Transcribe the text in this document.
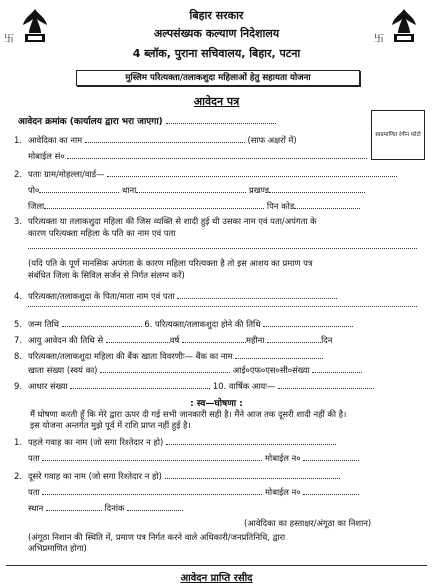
卐	卐
बिहार सरकार
अल्पसंख्यक कल्याण निदेशालय
4 ब्लॉक, पुराना सचिवालय, बिहार, पटना
मुस्लिम परित्यक्ता/तलाकशुदा महिलाओं हेतु सहायता योजना
आवेदन पत्र
स्वप्रमाणित रंगीन फोटो
आवेदन क्रमांक (कार्यालय द्वारा भरा जाएगा)
1. आवेदिका का नाम	(साफ अक्षरों में)
मोबाईल सं०
2. पताः ग्राम/मोहल्ला/वार्ड—
पो०	थाना	प्रखण्ड
जिला	पिन कोड
3. परित्यक्ता या तलाकशुदा महिला की जिस व्यक्ति से शादी हुई थी उसका नाम एवं पता/अपंगता के
कारण परित्यक्ता महिला के पति का नाम एवं पता
(यदि पति के पूर्ण मानसिक अपंगता के कारण महिला परित्यक्ता है तो इस आशय का प्रमाण पत्र
संबंधित जिला के सिविल सर्जन से निर्गत संलग्न करें)
4. परित्यक्ता/तलाकशुदा के पिता/माता नाम एवं पता
5. जन्म तिथि	6. परित्यक्ता/तलाकशुदा होने की तिथि
7. आयु आवेदन की तिथि से	वर्ष	महीना	दिन
8. परित्यक्ता/तलाकशुदा महिला की बैंक खाता विवरणीः— बैंक का नाम
खाता संख्या (स्वयं का)	आई०एफ०एस०सी०संख्या
9. आधार संख्या	10. वार्षिक आयः—
: स्व—घोषणा :
मैं घोषणा करती हूँ कि मेरे द्वारा ऊपर दी गई सभी जानकारी सही है। मैंने आज तक दूसरी शादी नहीं की है।
इस योजना अन्तर्गत मुझे पूर्व में राशि प्राप्त नहीं हुई है।
1. पहले गवाह का नाम (जो सगा रिश्तेदार न हो)
पता	मोबाईल न०
2. दूसरे गवाह का नाम (जो सगा रिश्तेदार न हो)
पता	मोबाईल न०
स्थान	दिनांक
(आवेदिका का हस्ताक्षर/अंगूठा का निशान)
(अंगूठा निशान की स्थिति में, प्रमाण पत्र निर्गत करने वाले अधिकारी/जनप्रतिनिधि, द्वारा
अभिप्रमाणित होगा)
आवेदन प्राप्ति रसीद
